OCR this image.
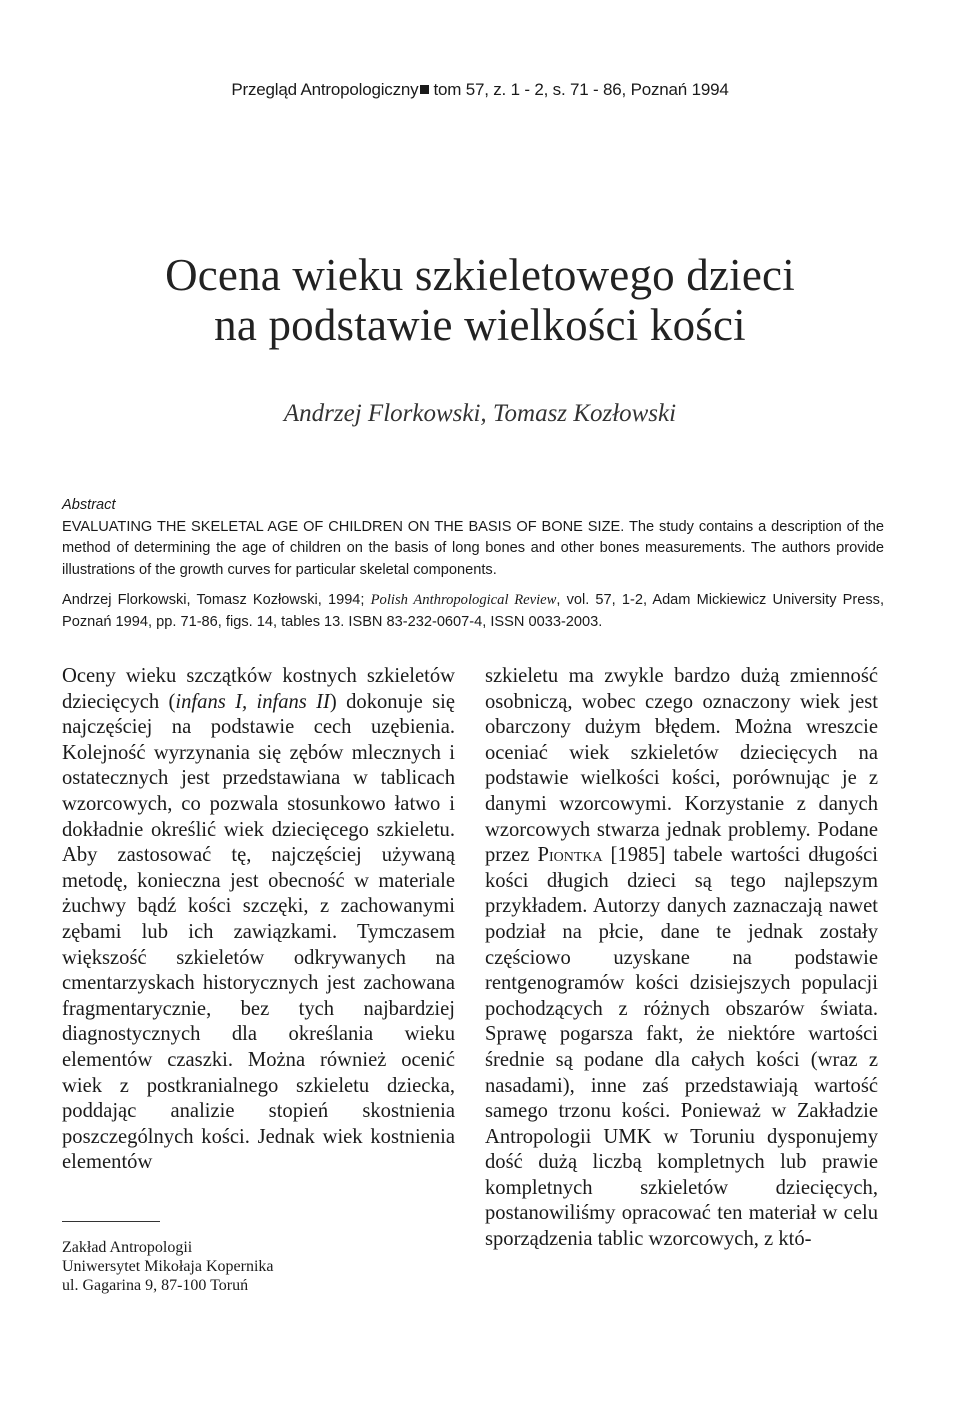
Przegląd Antropologiczny tom 57, z. 1 - 2, s. 71 - 86, Poznań 1994
Ocena wieku szkieletowego dzieci
na podstawie wielkości kości
Andrzej Florkowski, Tomasz Kozłowski
Abstract

EVALUATING THE SKELETAL AGE OF CHILDREN ON THE BASIS OF BONE SIZE. The study contains a description of the method of determining the age of children on the basis of long bones and other bones measurements. The authors provide illustrations of the growth curves for particular skeletal components.

Andrzej Florkowski, Tomasz Kozłowski, 1994; Polish Anthropological Review, vol. 57, 1-2, Adam Mickiewicz University Press, Poznań 1994, pp. 71-86, figs. 14, tables 13. ISBN 83-232-0607-4, ISSN 0033-2003.

Oceny wieku szczątków kostnych szkieletów dziecięcych (infans I, infans II) dokonuje się najczęściej na podstawie cech uzębienia. Kolejność wyrzynania się zębów mlecznych i ostatecznych jest przedstawiana w tablicach wzorcowych, co pozwala stosunkowo łatwo i dokładnie określić wiek dziecięcego szkieletu. Aby zastosować tę, najczęściej używaną metodę, konieczna jest obecność w materiale żuchwy bądź kości szczęki, z zachowanymi zębami lub ich zawiązkami. Tymczasem większość szkieletów odkrywanych na cmentarzyskach historycznych jest zachowana fragmentarycznie, bez tych najbardziej diagnostycznych dla określania wieku elementów czaszki. Można również ocenić wiek z postkranialnego szkieletu dziecka, poddając analizie stopień skostnienia poszczególnych kości. Jednak wiek kostnienia elementów

szkieletu ma zwykle bardzo dużą zmienność osobniczą, wobec czego oznaczony wiek jest obarczony dużym błędem. Można wreszcie oceniać wiek szkieletów dziecięcych na podstawie wielkości kości, porównując je z danymi wzorcowymi. Korzystanie z danych wzorcowych stwarza jednak problemy. Podane przez Piontka [1985] tabele wartości długości kości długich dzieci są tego najlepszym przykładem. Autorzy danych zaznaczają nawet podział na płcie, dane te jednak zostały częściowo uzyskane na podstawie rentgenogramów kości dzisiejszych populacji pochodzących z różnych obszarów świata. Sprawę pogarsza fakt, że niektóre wartości średnie są podane dla całych kości (wraz z nasadami), inne zaś przedstawiają wartość samego trzonu kości. Ponieważ w Zakładzie Antropologii UMK w Toruniu dysponujemy dość dużą liczbą kompletnych lub prawie kompletnych szkieletów dziecięcych, postanowiliśmy opracować ten materiał w celu sporządzenia tablic wzorcowych, z któ-

Zakład Antropologii
Uniwersytet Mikołaja Kopernika
ul. Gagarina 9, 87-100 Toruń
